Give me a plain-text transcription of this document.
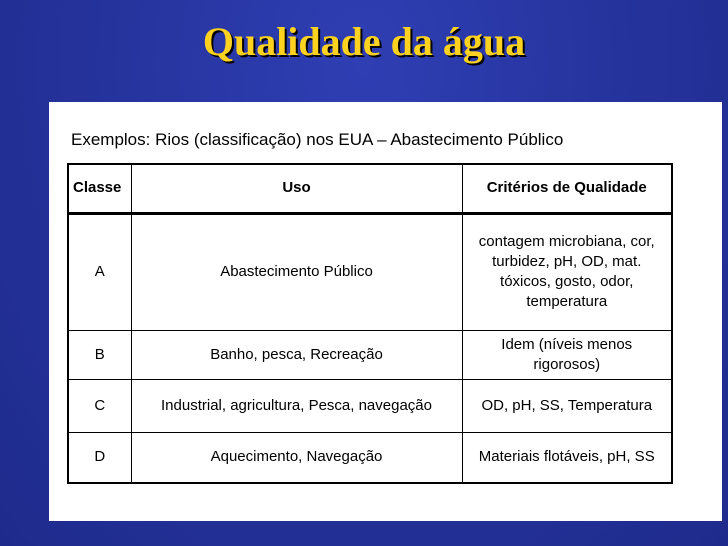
Qualidade da água
Exemplos: Rios (classificação) nos EUA – Abastecimento Público
Classe	Uso	Critérios de Qualidade
A	Abastecimento Público	contagem microbiana, cor, turbidez, pH, OD, mat. tóxicos, gosto, odor, temperatura
B	Banho, pesca, Recreação	Idem (níveis menos rigorosos)
C	Industrial, agricultura, Pesca, navegação	OD, pH, SS, Temperatura
D	Aquecimento, Navegação	Materiais flotáveis, pH, SS
